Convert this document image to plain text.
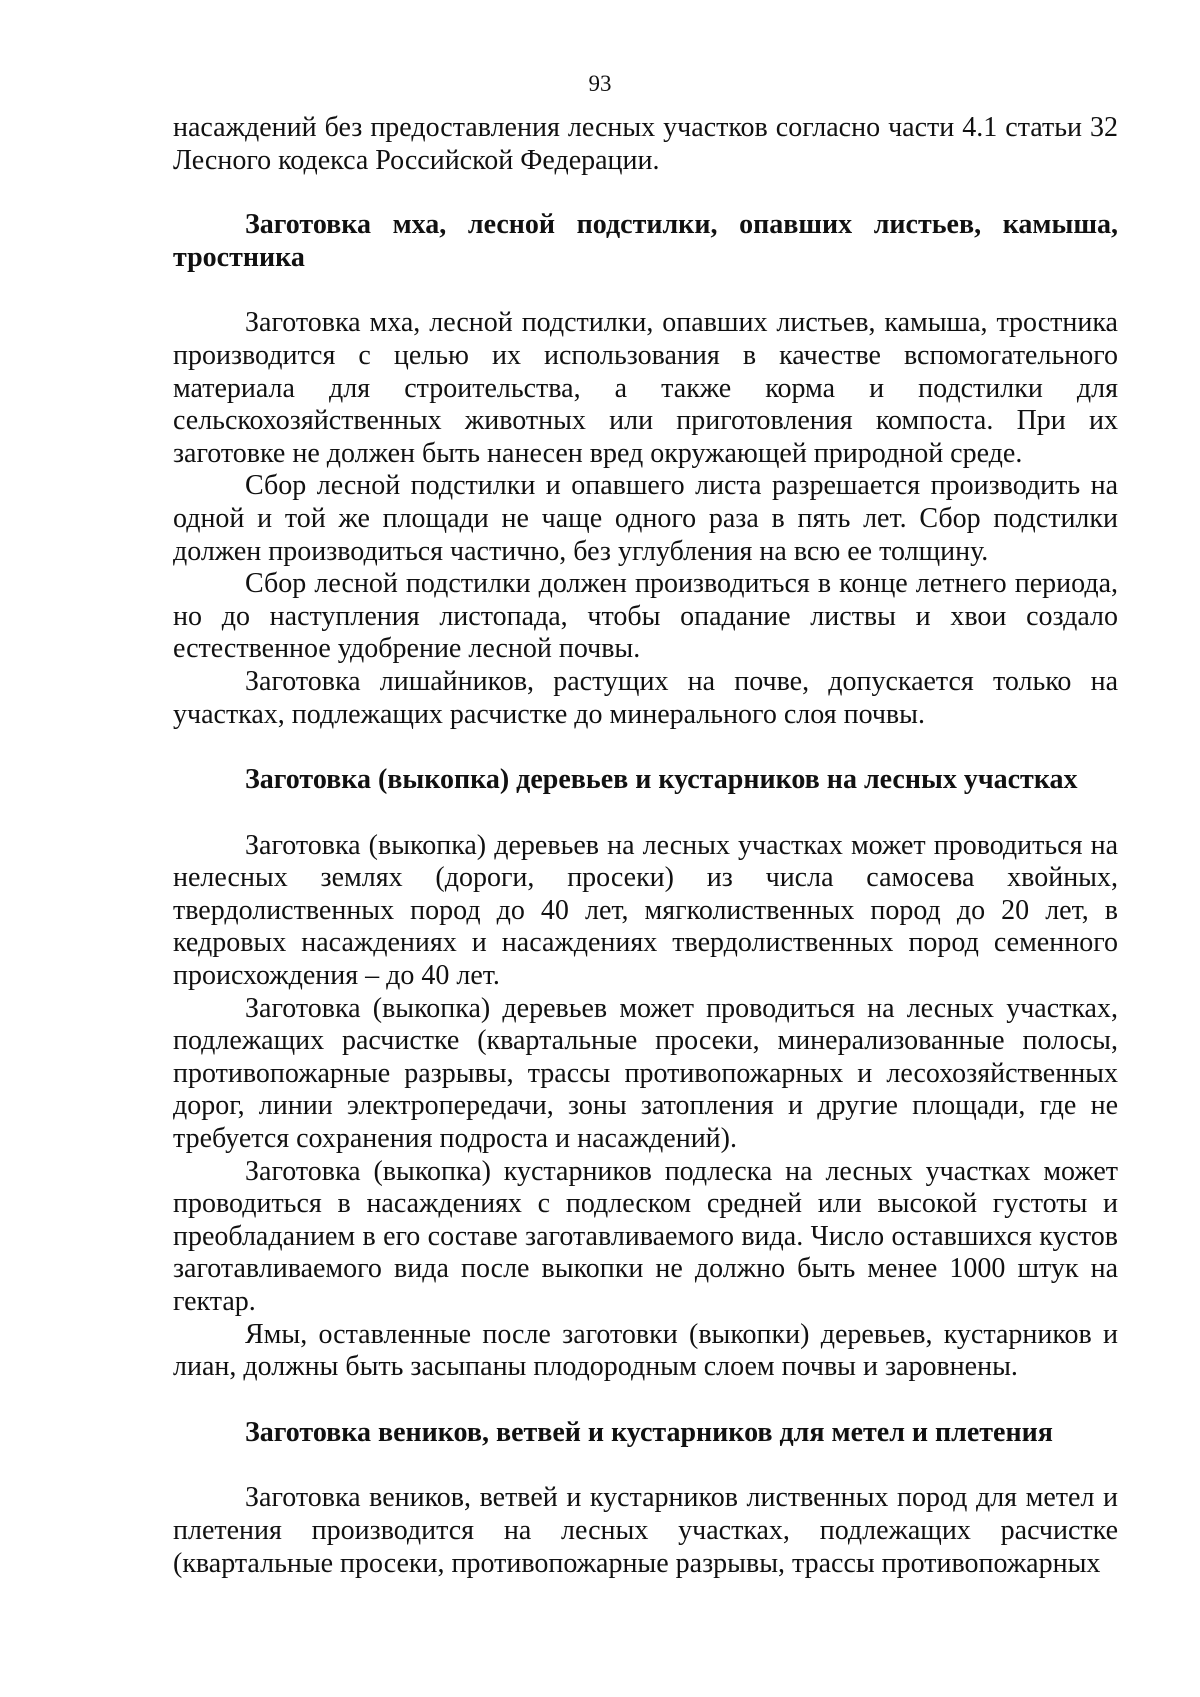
93

насаждений без предоставления лесных участков согласно части 4.1 статьи 32 Лесного кодекса Российской Федерации.

Заготовка мха, лесной подстилки, опавших листьев, камыша, тростника

Заготовка мха, лесной подстилки, опавших листьев, камыша, тростника производится с целью их использования в качестве вспомогательного материала для строительства, а также корма и подстилки для сельскохозяйственных животных или приготовления компоста. При их заготовке не должен быть нанесен вред окружающей природной среде.

Сбор лесной подстилки и опавшего листа разрешается производить на одной и той же площади не чаще одного раза в пять лет. Сбор подстилки должен производиться частично, без углубления на всю ее толщину.

Сбор лесной подстилки должен производиться в конце летнего периода, но до наступления листопада, чтобы опадание листвы и хвои создало естественное удобрение лесной почвы.

Заготовка лишайников, растущих на почве, допускается только на участках, подлежащих расчистке до минерального слоя почвы.

Заготовка (выкопка) деревьев и кустарников на лесных участках

Заготовка (выкопка) деревьев на лесных участках может проводиться на нелесных землях (дороги, просеки) из числа самосева хвойных, твердолиственных пород до 40 лет, мягколиственных пород до 20 лет, в кедровых насаждениях и насаждениях твердолиственных пород семенного происхождения – до 40 лет.

Заготовка (выкопка) деревьев может проводиться на лесных участках, подлежащих расчистке (квартальные просеки, минерализованные полосы, противопожарные разрывы, трассы противопожарных и лесохозяйственных дорог, линии электропередачи, зоны затопления и другие площади, где не требуется сохранения подроста и насаждений).

Заготовка (выкопка) кустарников подлеска на лесных участках может проводиться в насаждениях с подлеском средней или высокой густоты и преобладанием в его составе заготавливаемого вида. Число оставшихся кустов заготавливаемого вида после выкопки не должно быть менее 1000 штук на гектар.

Ямы, оставленные после заготовки (выкопки) деревьев, кустарников и лиан, должны быть засыпаны плодородным слоем почвы и заровнены.

Заготовка веников, ветвей и кустарников для метел и плетения

Заготовка веников, ветвей и кустарников лиственных пород для метел и плетения производится на лесных участках, подлежащих расчистке (квартальные просеки, противопожарные разрывы, трассы противопожарных
